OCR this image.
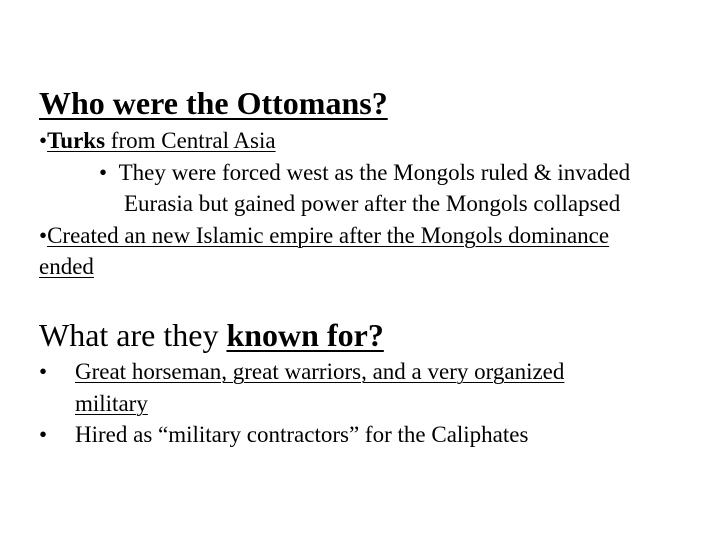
Who were the Ottomans?
•Turks from Central Asia
• They were forced west as the Mongols ruled & invaded
Eurasia but gained power after the Mongols collapsed
•Created an new Islamic empire after the Mongols dominance
ended
What are they known for?
• Great horseman, great warriors, and a very organized
military
• Hired as “military contractors” for the Caliphates
